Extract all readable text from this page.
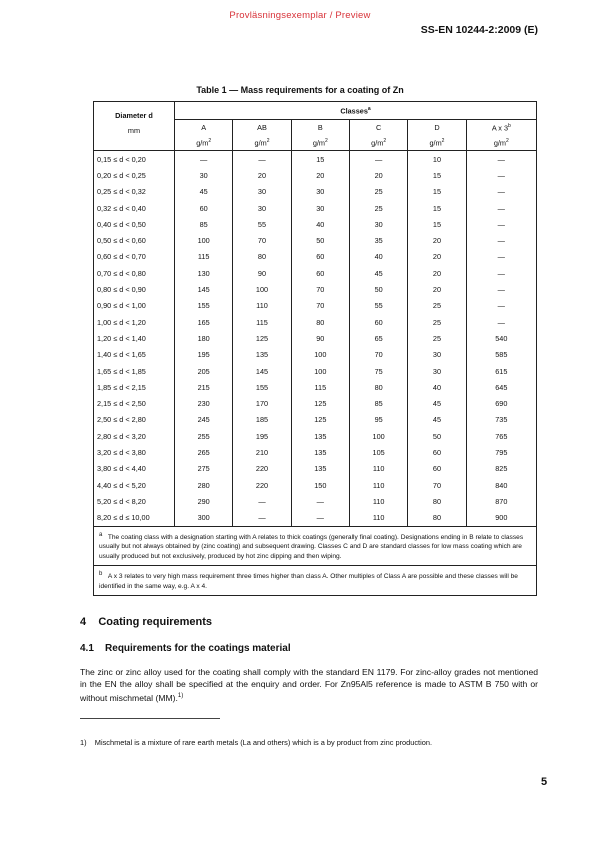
Provläsningsexemplar / Preview
SS-EN 10244-2:2009 (E)
Table 1 — Mass requirements for a coating of Zn
Diameter d
mm	Classes$^a$
	A	AB	B	C	D	A x 3$^b$
	$g/m^2$	$g/m^2$	$g/m^2$	$g/m^2$	$g/m^2$	$g/m^2$
0,15 ≤ d < 0,20	—	—	15	—	10	—
0,20 ≤ d < 0,25	30	20	20	20	15	—
0,25 ≤ d < 0,32	45	30	30	25	15	—
0,32 ≤ d < 0,40	60	30	30	25	15	—
0,40 ≤ d < 0,50	85	55	40	30	15	—
0,50 ≤ d < 0,60	100	70	50	35	20	—
0,60 ≤ d < 0,70	115	80	60	40	20	—
0,70 ≤ d < 0,80	130	90	60	45	20	—
0,80 ≤ d < 0,90	145	100	70	50	20	—
0,90 ≤ d < 1,00	155	110	70	55	25	—
1,00 ≤ d < 1,20	165	115	80	60	25	—
1,20 ≤ d < 1,40	180	125	90	65	25	540
1,40 ≤ d < 1,65	195	135	100	70	30	585
1,65 ≤ d < 1,85	205	145	100	75	30	615
1,85 ≤ d < 2,15	215	155	115	80	40	645
2,15 ≤ d < 2,50	230	170	125	85	45	690
2,50 ≤ d < 2,80	245	185	125	95	45	735
2,80 ≤ d < 3,20	255	195	135	100	50	765
3,20 ≤ d < 3,80	265	210	135	105	60	795
3,80 ≤ d < 4,40	275	220	135	110	60	825
4,40 ≤ d < 5,20	280	220	150	110	70	840
5,20 ≤ d < 8,20	290	—	—	110	80	870
8,20 ≤ d ≤ 10,00	300	—	—	110	80	900
a The coating class with a designation starting with A relates to thick coatings (generally final coating). Designations ending in B relate to classes usually but not always obtained by (zinc coating) and subsequent drawing. Classes C and D are standard classes for low mass coating which are usually produced but not exclusively, produced by hot zinc dipping and then wiping.						
b A x 3 relates to very high mass requirement three times higher than class A. Other multiples of Class A are possible and these classes will be identified in the same way, e.g. A x 4.						
4 Coating requirements
4.1 Requirements for the coatings material
The zinc or zinc alloy used for the coating shall comply with the standard EN 1179. For zinc-alloy grades not mentioned in the EN the alloy shall be specified at the enquiry and order. For Zn95Al5 reference is made to ASTM B 750 with or without mischmetal (MM).$^{1)}$
1) Mischmetal is a mixture of rare earth metals (La and others) which is a by product from zinc production.
5
